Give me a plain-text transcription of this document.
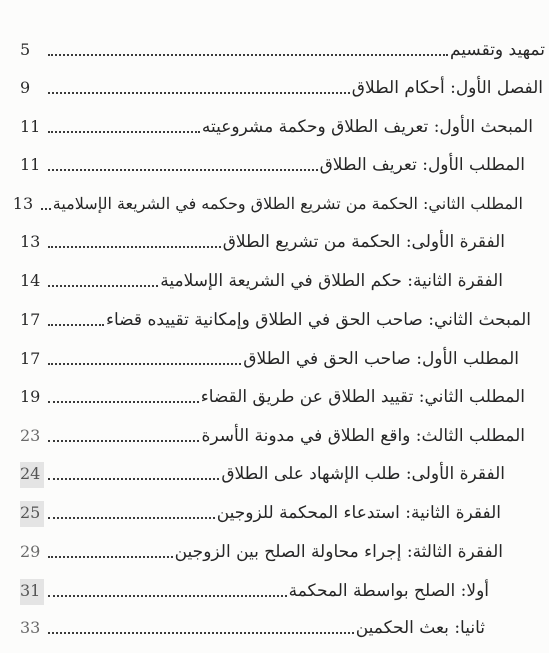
تمهيد وتقسيم
5
الفصل الأول: أحكام الطلاق
9
المبحث الأول: تعريف الطلاق وحكمة مشروعيته
11
المطلب الأول: تعريف الطلاق
11
المطلب الثاني: الحكمة من تشريع الطلاق وحكمه في الشريعة الإسلامية
13
الفقرة الأولى: الحكمة من تشريع الطلاق
13
الفقرة الثانية: حكم الطلاق في الشريعة الإسلامية
14
المبحث الثاني: صاحب الحق في الطلاق وإمكانية تقييده قضاء
17
المطلب الأول: صاحب الحق في الطلاق
17
المطلب الثاني: تقييد الطلاق عن طريق القضاء
19
المطلب الثالث: واقع الطلاق في مدونة الأسرة
23
الفقرة الأولى: طلب الإشهاد على الطلاق
24
الفقرة الثانية: استدعاء المحكمة للزوجين
25
الفقرة الثالثة: إجراء محاولة الصلح بين الزوجين
29
أولا: الصلح بواسطة المحكمة
31
ثانيا: بعث الحكمين
33
